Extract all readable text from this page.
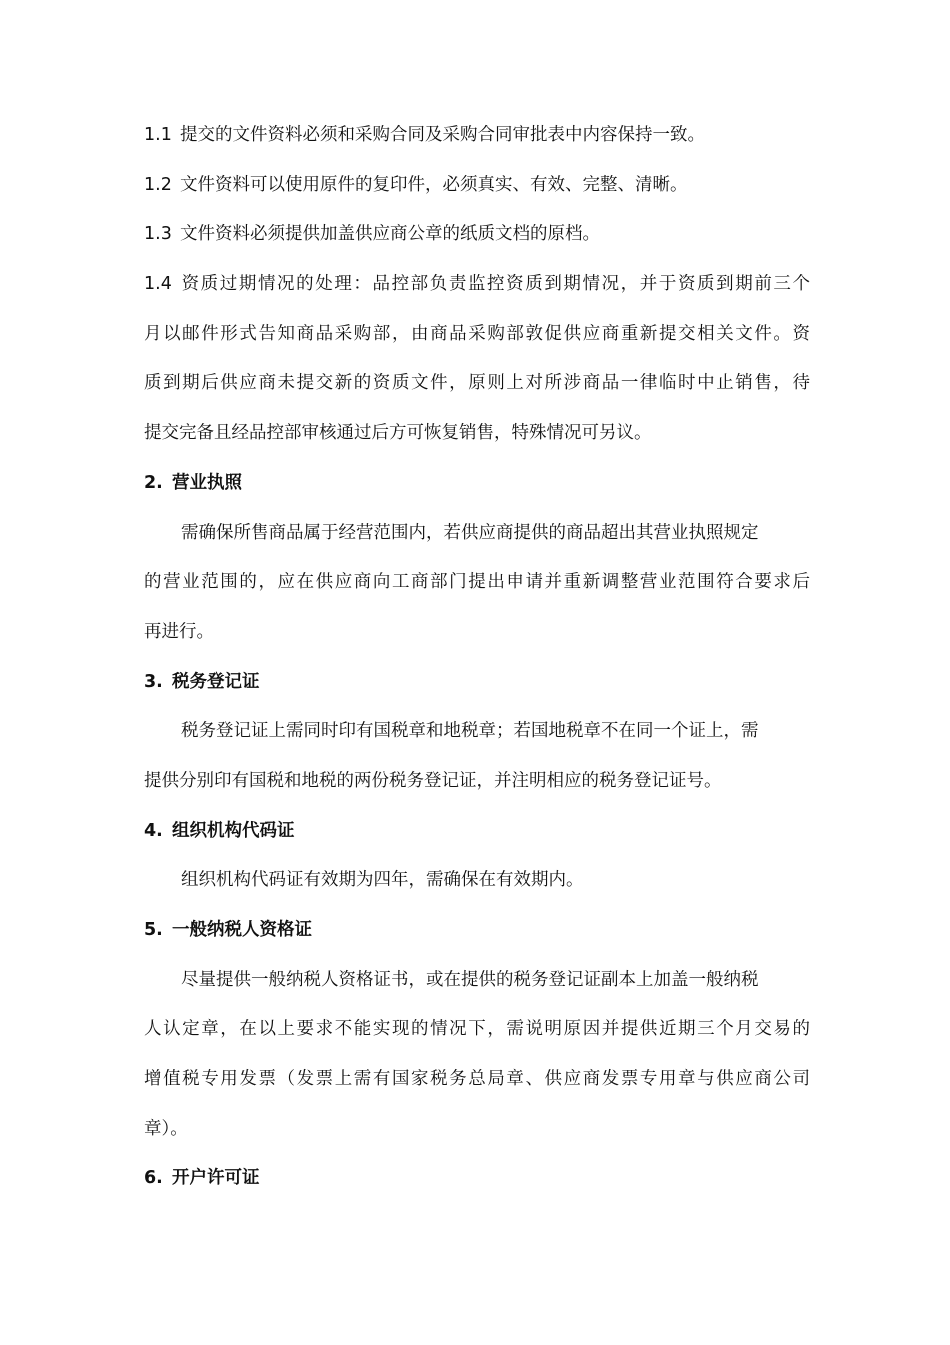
1.1 提交的文件资料必须和采购合同及采购合同审批表中内容保持一致。
1.2 文件资料可以使用原件的复印件，必须真实、有效、完整、清晰。
1.3 文件资料必须提供加盖供应商公章的纸质文档的原档。
1.4 资质过期情况的处理：品控部负责监控资质到期情况，并于资质到期前三个
月以邮件形式告知商品采购部，由商品采购部敦促供应商重新提交相关文件。资
质到期后供应商未提交新的资质文件，原则上对所涉商品一律临时中止销售，待
提交完备且经品控部审核通过后方可恢复销售，特殊情况可另议。
2. 营业执照
需确保所售商品属于经营范围内，若供应商提供的商品超出其营业执照规定
的营业范围的，应在供应商向工商部门提出申请并重新调整营业范围符合要求后
再进行。
3. 税务登记证
税务登记证上需同时印有国税章和地税章；若国地税章不在同一个证上，需
提供分别印有国税和地税的两份税务登记证，并注明相应的税务登记证号。
4. 组织机构代码证
组织机构代码证有效期为四年，需确保在有效期内。
5. 一般纳税人资格证
尽量提供一般纳税人资格证书，或在提供的税务登记证副本上加盖一般纳税
人认定章，在以上要求不能实现的情况下，需说明原因并提供近期三个月交易的
增值税专用发票（发票上需有国家税务总局章、供应商发票专用章与供应商公司
章）。
6. 开户许可证
